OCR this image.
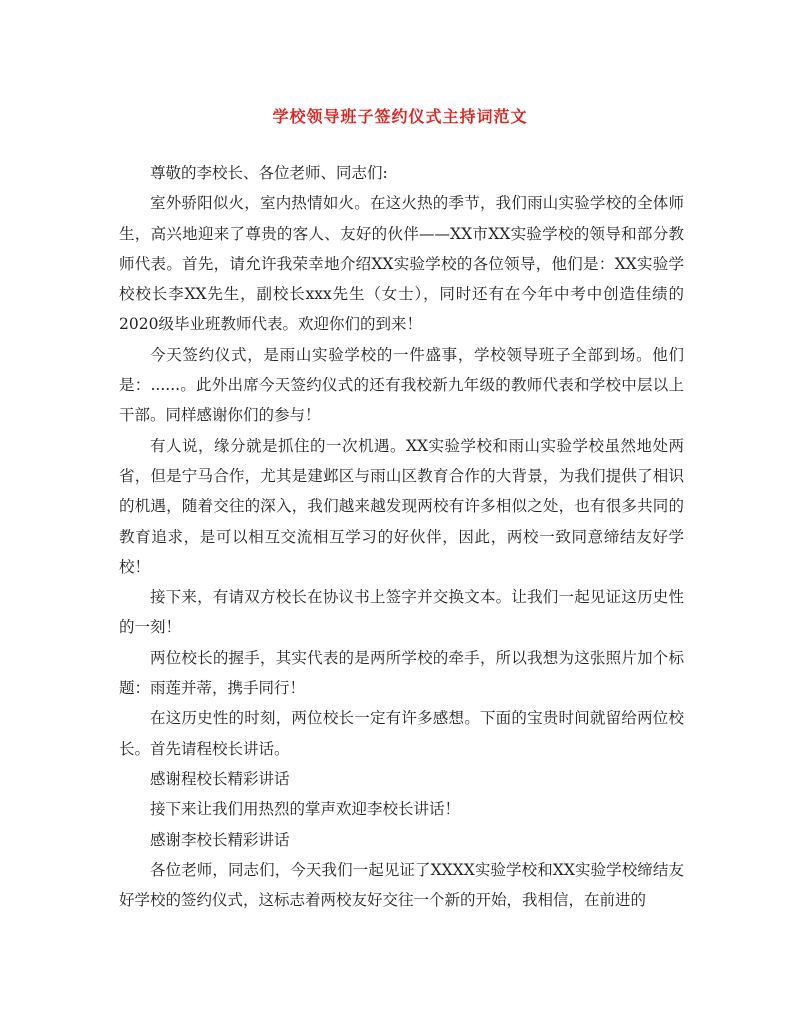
学校领导班子签约仪式主持词范文

尊敬的李校长、各位老师、同志们:

室外骄阳似火，室内热情如火。在这火热的季节，我们雨山实验学校的全体师生，高兴地迎来了尊贵的客人、友好的伙伴——XX市XX实验学校的领导和部分教师代表。首先，请允许我荣幸地介绍XX实验学校的各位领导，他们是：XX实验学校校长李XX先生，副校长xxx先生（女士），同时还有在今年中考中创造佳绩的2020级毕业班教师代表。欢迎你们的到来！

今天签约仪式，是雨山实验学校的一件盛事，学校领导班子全部到场。他们是：......。此外出席今天签约仪式的还有我校新九年级的教师代表和学校中层以上干部。同样感谢你们的参与！

有人说，缘分就是抓住的一次机遇。XX实验学校和雨山实验学校虽然地处两省，但是宁马合作，尤其是建邺区与雨山区教育合作的大背景，为我们提供了相识的机遇，随着交往的深入，我们越来越发现两校有许多相似之处，也有很多共同的教育追求，是可以相互交流相互学习的好伙伴，因此，两校一致同意缔结友好学校！

接下来，有请双方校长在协议书上签字并交换文本。让我们一起见证这历史性的一刻！

两位校长的握手，其实代表的是两所学校的牵手，所以我想为这张照片加个标题：雨莲并蒂，携手同行！

在这历史性的时刻，两位校长一定有许多感想。下面的宝贵时间就留给两位校长。首先请程校长讲话。

感谢程校长精彩讲话

接下来让我们用热烈的掌声欢迎李校长讲话！

感谢李校长精彩讲话

各位老师，同志们，今天我们一起见证了XXXX实验学校和XX实验学校缔结友好学校的签约仪式，这标志着两校友好交往一个新的开始，我相信，在前进的
